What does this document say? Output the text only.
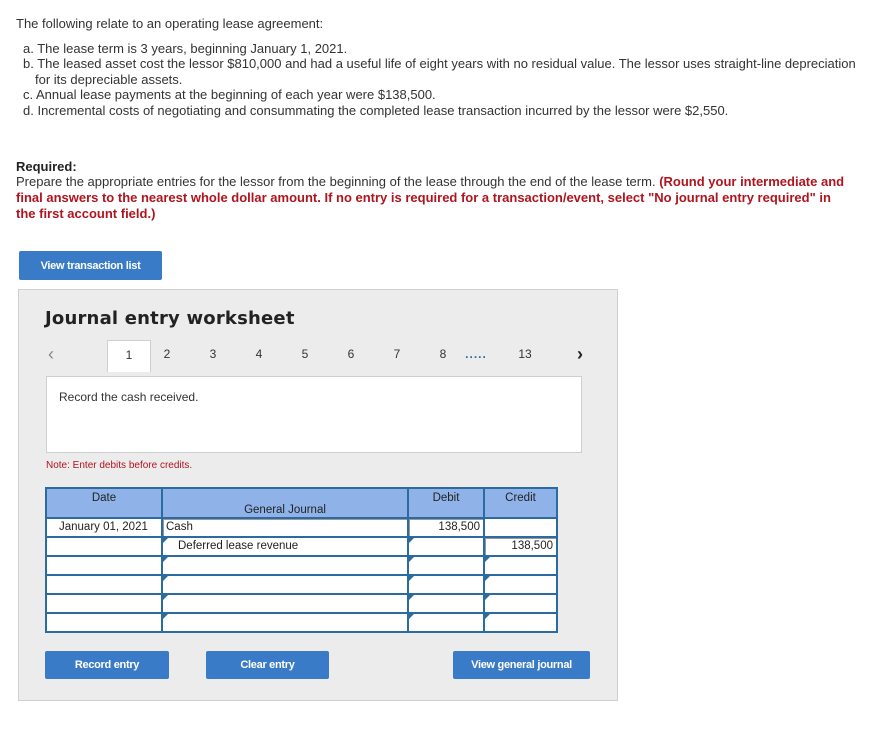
The following relate to an operating lease agreement:

a. The lease term is 3 years, beginning January 1, 2021.
b. The leased asset cost the lessor $810,000 and had a useful life of eight years with no residual value. The lessor uses straight-line depreciation for its depreciable assets.
c. Annual lease payments at the beginning of each year were $138,500.
d. Incremental costs of negotiating and consummating the completed lease transaction incurred by the lessor were $2,550.
Required:
Prepare the appropriate entries for the lessor from the beginning of the lease through the end of the lease term. (Round your intermediate and final answers to the nearest whole dollar amount. If no entry is required for a transaction/event, select "No journal entry required" in the first account field.)
View transaction list
Journal entry worksheet
‹	1	2	3	4	5	6	7	8	.....	13	›
Record the cash received.
Note: Enter debits before credits.
Date	General Journal	Debit	Credit

January 01, 2021	Cash	138,500	

	Deferred lease revenue		138,500

Record entry	Clear entry	View general journal
